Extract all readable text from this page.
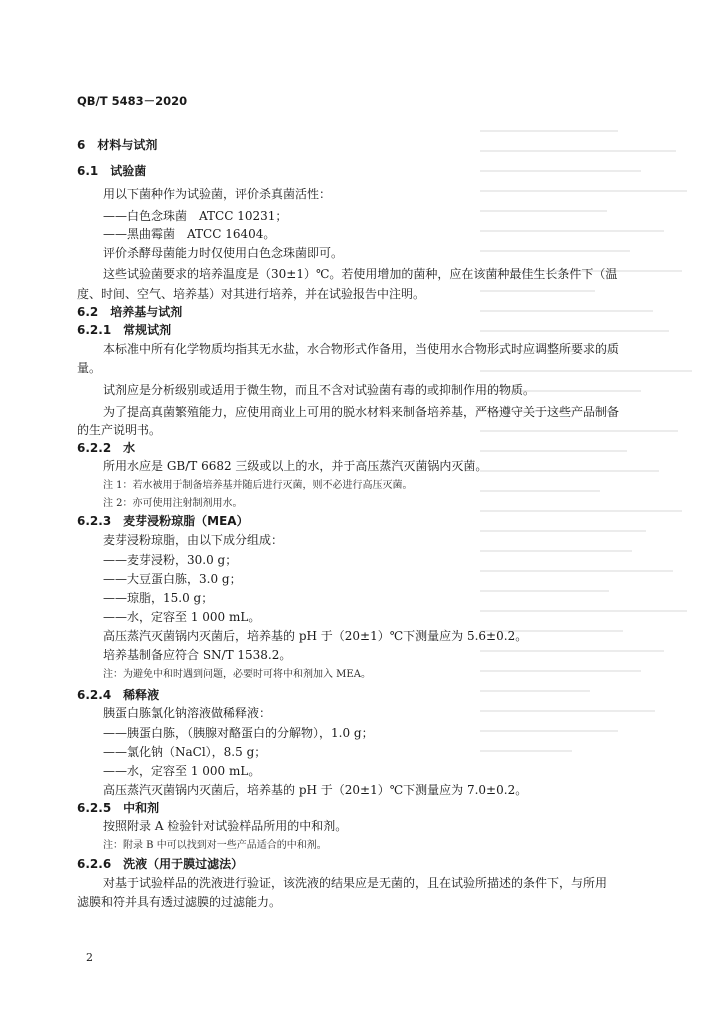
QB/T 5483－2020
6　材料与试剂
6.1　试验菌
用以下菌种作为试验菌，评价杀真菌活性：
——白色念珠菌　ATCC 10231；
——黑曲霉菌　ATCC 16404。
评价杀酵母菌能力时仅使用白色念珠菌即可。
这些试验菌要求的培养温度是（30±1）℃。若使用增加的菌种，应在该菌种最佳生长条件下（温
度、时间、空气、培养基）对其进行培养，并在试验报告中注明。
6.2　培养基与试剂
6.2.1　常规试剂
本标准中所有化学物质均指其无水盐，水合物形式作备用，当使用水合物形式时应调整所要求的质
量。
试剂应是分析级别或适用于微生物，而且不含对试验菌有毒的或抑制作用的物质。
为了提高真菌繁殖能力，应使用商业上可用的脱水材料来制备培养基，严格遵守关于这些产品制备
的生产说明书。
6.2.2　水
所用水应是 GB/T 6682 三级或以上的水，并于高压蒸汽灭菌锅内灭菌。
注 1：若水被用于制备培养基并随后进行灭菌，则不必进行高压灭菌。
注 2：亦可使用注射制剂用水。
6.2.3　麦芽浸粉琼脂（MEA）
麦芽浸粉琼脂，由以下成分组成：
——麦芽浸粉，30.0 g；
——大豆蛋白胨，3.0 g；
——琼脂，15.0 g；
——水，定容至 1 000 mL。
高压蒸汽灭菌锅内灭菌后，培养基的 pH 于（20±1）℃下测量应为 5.6±0.2。
培养基制备应符合 SN/T 1538.2。
注：为避免中和时遇到问题，必要时可将中和剂加入 MEA。
6.2.4　稀释液
胰蛋白胨氯化钠溶液做稀释液：
——胰蛋白胨，（胰腺对酪蛋白的分解物），1.0 g；
——氯化钠（NaCl），8.5 g；
——水，定容至 1 000 mL。
高压蒸汽灭菌锅内灭菌后，培养基的 pH 于（20±1）℃下测量应为 7.0±0.2。
6.2.5　中和剂
按照附录 A 检验针对试验样品所用的中和剂。
注：附录 B 中可以找到对一些产品适合的中和剂。
6.2.6　洗液（用于膜过滤法）
对基于试验样品的洗液进行验证，该洗液的结果应是无菌的，且在试验所描述的条件下，与所用
滤膜和符并具有透过滤膜的过滤能力。
2
